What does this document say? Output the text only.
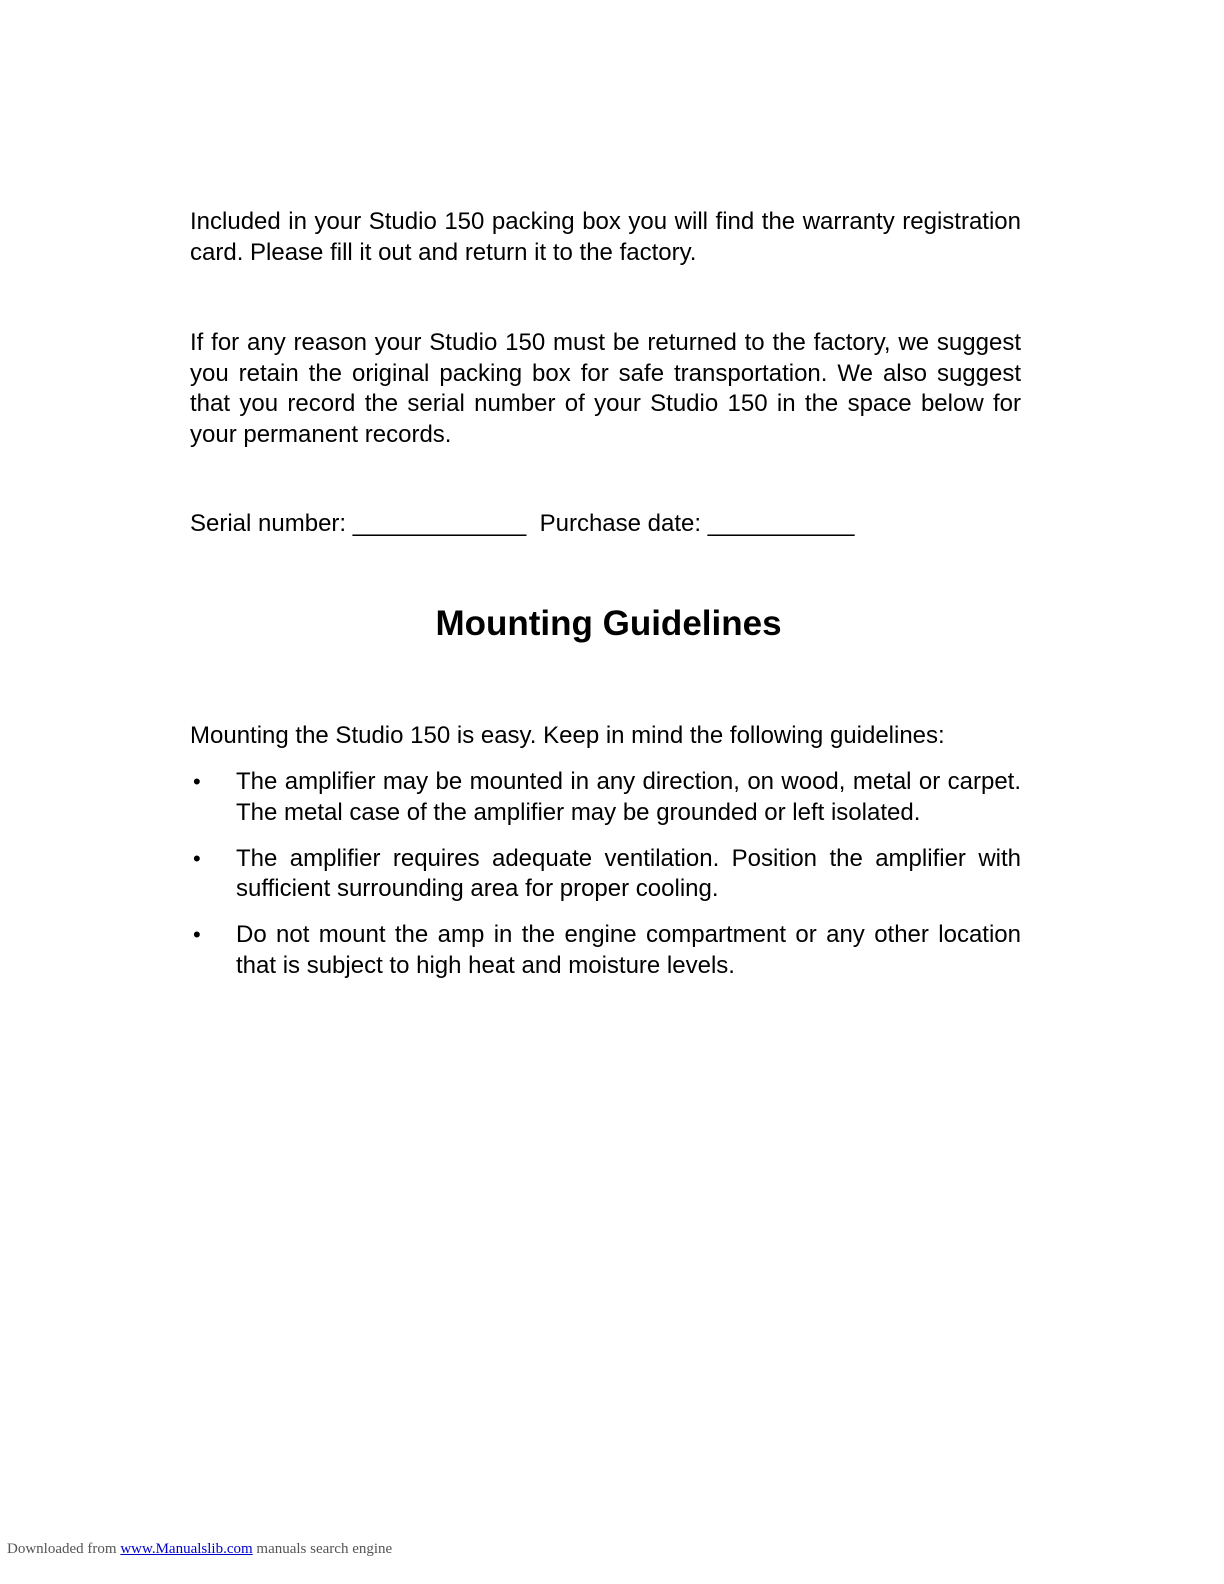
Included in your Studio 150 packing box you will find the warranty registration card. Please fill it out and return it to the factory.

If for any reason your Studio 150 must be returned to the factory, we suggest you retain the original packing box for safe transportation. We also suggest that you record the serial number of your Studio 150 in the space below for your permanent records.

Serial number: _____________  Purchase date: ___________

Mounting Guidelines

Mounting the Studio 150 is easy. Keep in mind the following guidelines:

• The amplifier may be mounted in any direction, on wood, metal or carpet. The metal case of the amplifier may be grounded or left isolated.
• The amplifier requires adequate ventilation. Position the amplifier with sufficient surrounding area for proper cooling.
• Do not mount the amp in the engine compartment or any other location that is subject to high heat and moisture levels.
Downloaded from www.Manualslib.com manuals search engine
